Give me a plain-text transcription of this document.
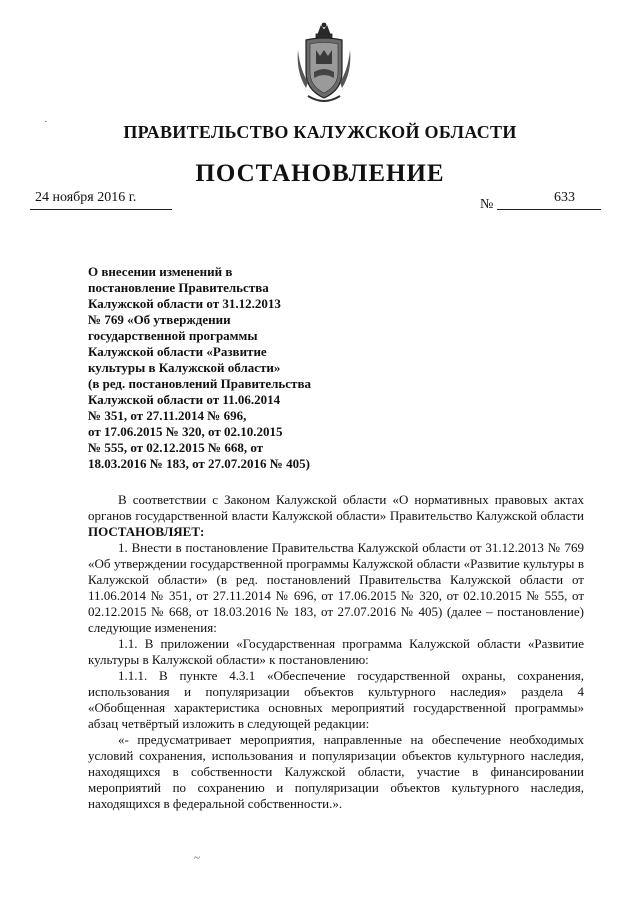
ПРАВИТЕЛЬСТВО КАЛУЖСКОЙ ОБЛАСТИ
ПОСТАНОВЛЕНИЕ
24 ноября 2016 г.	№	633
О внесении изменений в
постановление Правительства
Калужской области от 31.12.2013
№ 769 «Об утверждении
государственной программы
Калужской области «Развитие
культуры в Калужской области»
(в ред. постановлений Правительства
Калужской области от 11.06.2014
№ 351, от 27.11.2014 № 696,
от 17.06.2015 № 320, от 02.10.2015
№ 555, от 02.12.2015 № 668, от
18.03.2016 № 183, от 27.07.2016 № 405)

В соответствии с Законом Калужской области «О нормативных правовых актах органов государственной власти Калужской области» Правительство Калужской области ПОСТАНОВЛЯЕТ:

1. Внести в постановление Правительства Калужской области от 31.12.2013 № 769 «Об утверждении государственной программы Калужской области «Развитие культуры в Калужской области» (в ред. постановлений Правительства Калужской области от 11.06.2014 № 351, от 27.11.2014 № 696, от 17.06.2015 № 320, от 02.10.2015 № 555, от 02.12.2015 № 668, от 18.03.2016 № 183, от 27.07.2016 № 405) (далее – постановление) следующие изменения:

1.1. В приложении «Государственная программа Калужской области «Развитие культуры в Калужской области» к постановлению:

1.1.1. В пункте 4.3.1 «Обеспечение государственной охраны, сохранения, использования и популяризации объектов культурного наследия» раздела 4 «Обобщенная характеристика основных мероприятий государственной программы» абзац четвёртый изложить в следующей редакции:

«- предусматривает мероприятия, направленные на обеспечение необходимых условий сохранения, использования и популяризации объектов культурного наследия, находящихся в собственности Калужской области, участие в финансировании мероприятий по сохранению и популяризации объектов культурного наследия, находящихся в федеральной собственности.».

·
~
